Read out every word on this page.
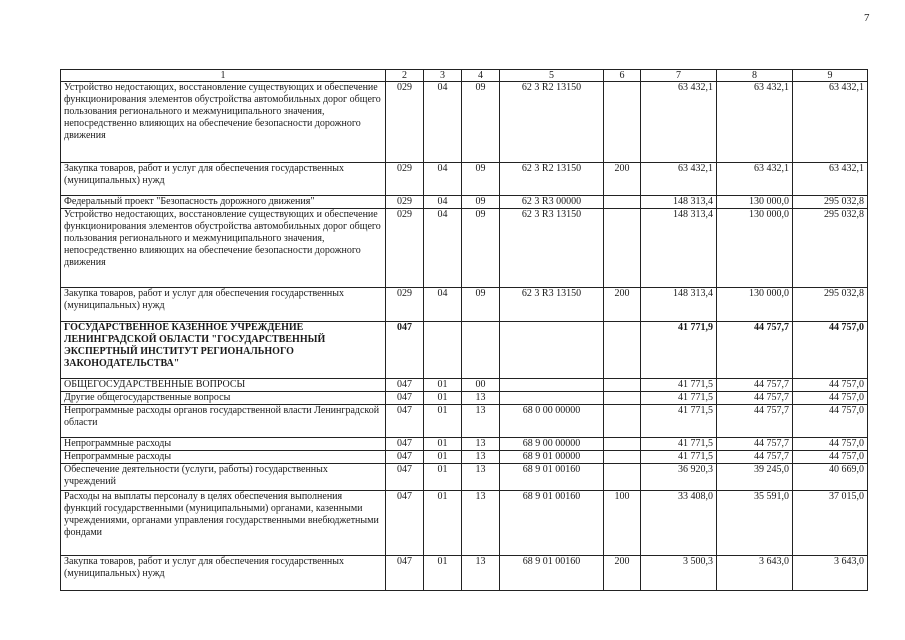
7
1	2	3	4	5	6	7	8	9
Устройство недостающих, восстановление существующих и обеспечение функционирования элементов обустройства автомобильных дорог общего пользования регионального и межмуниципального значения, непосредственно влияющих на обеспечение безопасности дорожного движения	029	04	09	62 3 R2 13150		63 432,1	63 432,1	63 432,1
Закупка товаров, работ и услуг для обеспечения государственных (муниципальных) нужд	029	04	09	62 3 R2 13150	200	63 432,1	63 432,1	63 432,1
Федеральный проект "Безопасность дорожного движения"	029	04	09	62 3 R3 00000		148 313,4	130 000,0	295 032,8
Устройство недостающих, восстановление существующих и обеспечение функционирования элементов обустройства автомобильных дорог общего пользования регионального и межмуниципального значения, непосредственно влияющих на обеспечение безопасности дорожного движения	029	04	09	62 3 R3 13150		148 313,4	130 000,0	295 032,8
Закупка товаров, работ и услуг для обеспечения государственных (муниципальных) нужд	029	04	09	62 3 R3 13150	200	148 313,4	130 000,0	295 032,8
ГОСУДАРСТВЕННОЕ КАЗЕННОЕ УЧРЕЖДЕНИЕ ЛЕНИНГРАДСКОЙ ОБЛАСТИ "ГОСУДАРСТВЕННЫЙ ЭКСПЕРТНЫЙ ИНСТИТУТ РЕГИОНАЛЬНОГО ЗАКОНОДАТЕЛЬСТВА"	047					41 771,9	44 757,7	44 757,0
ОБЩЕГОСУДАРСТВЕННЫЕ ВОПРОСЫ	047	01	00			41 771,5	44 757,7	44 757,0
Другие общегосударственные вопросы	047	01	13			41 771,5	44 757,7	44 757,0
Непрограммные расходы органов государственной власти Ленинградской области	047	01	13	68 0 00 00000		41 771,5	44 757,7	44 757,0
Непрограммные расходы	047	01	13	68 9 00 00000		41 771,5	44 757,7	44 757,0
Непрограммные расходы	047	01	13	68 9 01 00000		41 771,5	44 757,7	44 757,0
Обеспечение деятельности (услуги, работы) государственных учреждений	047	01	13	68 9 01 00160		36 920,3	39 245,0	40 669,0
Расходы на выплаты персоналу в целях обеспечения выполнения функций государственными (муниципальными) органами, казенными учреждениями, органами управления государственными внебюджетными фондами	047	01	13	68 9 01 00160	100	33 408,0	35 591,0	37 015,0
Закупка товаров, работ и услуг для обеспечения государственных (муниципальных) нужд	047	01	13	68 9 01 00160	200	3 500,3	3 643,0	3 643,0
